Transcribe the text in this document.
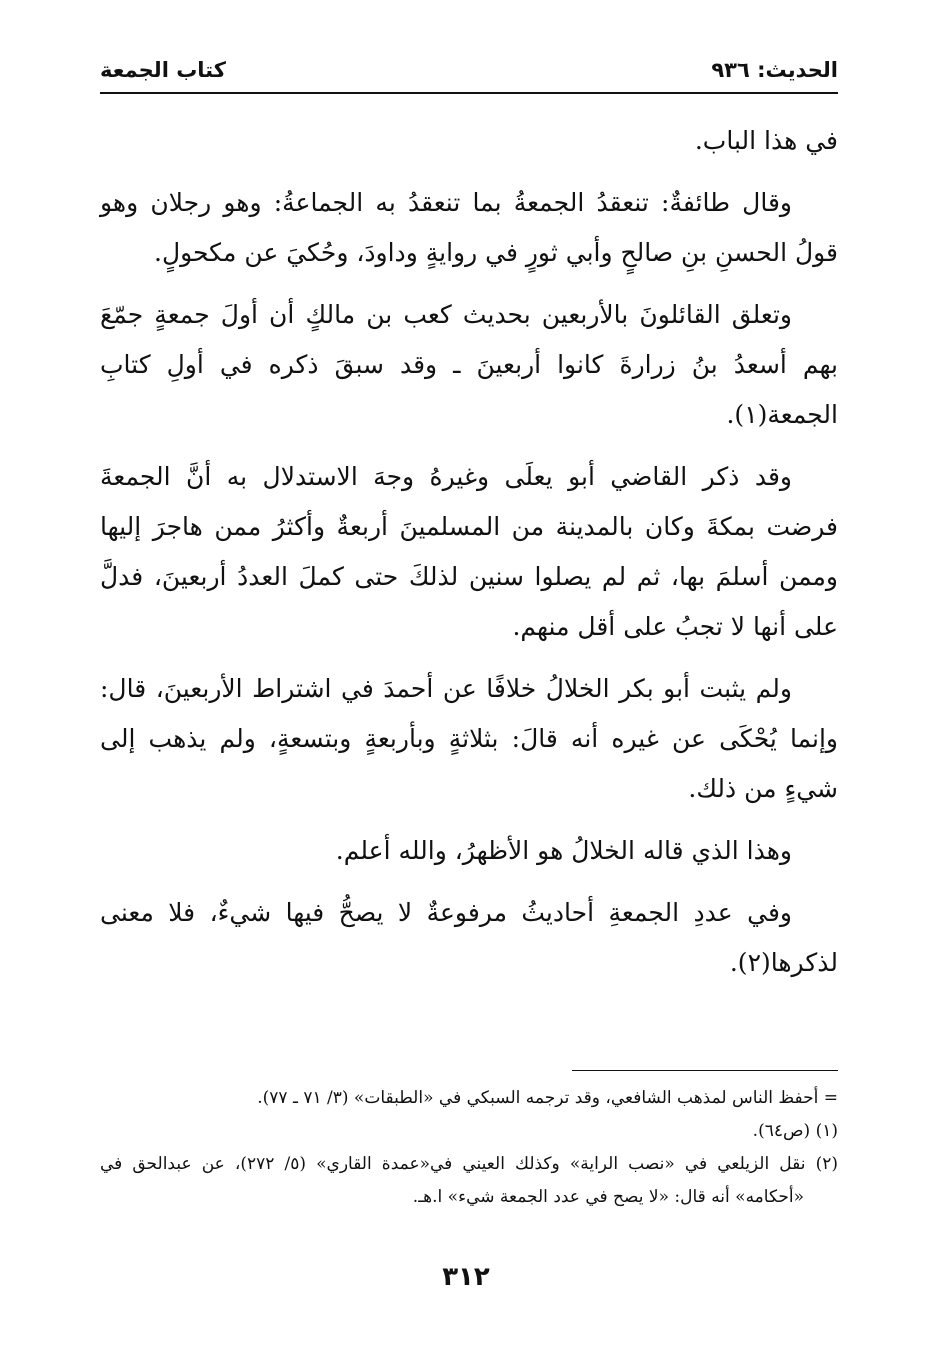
الحديث: ٩٣٦
كتاب الجمعة

في هذا الباب.

وقال طائفةٌ: تنعقدُ الجمعةُ بما تنعقدُ به الجماعةُ: وهو رجلان وهو قولُ الحسنِ بنِ صالحٍ وأبي ثورٍ في روايةٍ وداودَ، وحُكيَ عن مكحولٍ.

وتعلق القائلونَ بالأربعين بحديث كعب بن مالكٍ أن أولَ جمعةٍ جمّعَ بهم أسعدُ بنُ زرارةَ كانوا أربعينَ ـ وقد سبقَ ذكره في أولِ كتابِ الجمعة(١).

وقد ذكر القاضي أبو يعلَى وغيرهُ وجهَ الاستدلال به أنَّ الجمعةَ فرضت بمكةَ وكان بالمدينة من المسلمينَ أربعةٌ وأكثرُ ممن هاجرَ إليها وممن أسلمَ بها، ثم لم يصلوا سنين لذلكَ حتى كملَ العددُ أربعينَ، فدلَّ على أنها لا تجبُ على أقل منهم.

ولم يثبت أبو بكر الخلالُ خلافًا عن أحمدَ في اشتراط الأربعينَ، قال: وإنما يُحْكَى عن غيره أنه قالَ: بثلاثةٍ وبأربعةٍ وبتسعةٍ، ولم يذهب إلى شيءٍ من ذلك.

وهذا الذي قاله الخلالُ هو الأظهرُ، والله أعلم.

وفي عددِ الجمعةِ أحاديثُ مرفوعةٌ لا يصحُّ فيها شيءٌ، فلا معنى لذكرها(٢).

= أحفظ الناس لمذهب الشافعي، وقد ترجمه السبكي في «الطبقات» (٣/ ٧١ ـ ٧٧).

(١) (ص٦٤).

(٢) نقل الزيلعي في «نصب الراية» وكذلك العيني في«عمدة القاري» (٥/ ٢٧٢)، عن عبدالحق في «أحكامه» أنه قال: «لا يصح في عدد الجمعة شيء» ا.هـ.

٣١٢
